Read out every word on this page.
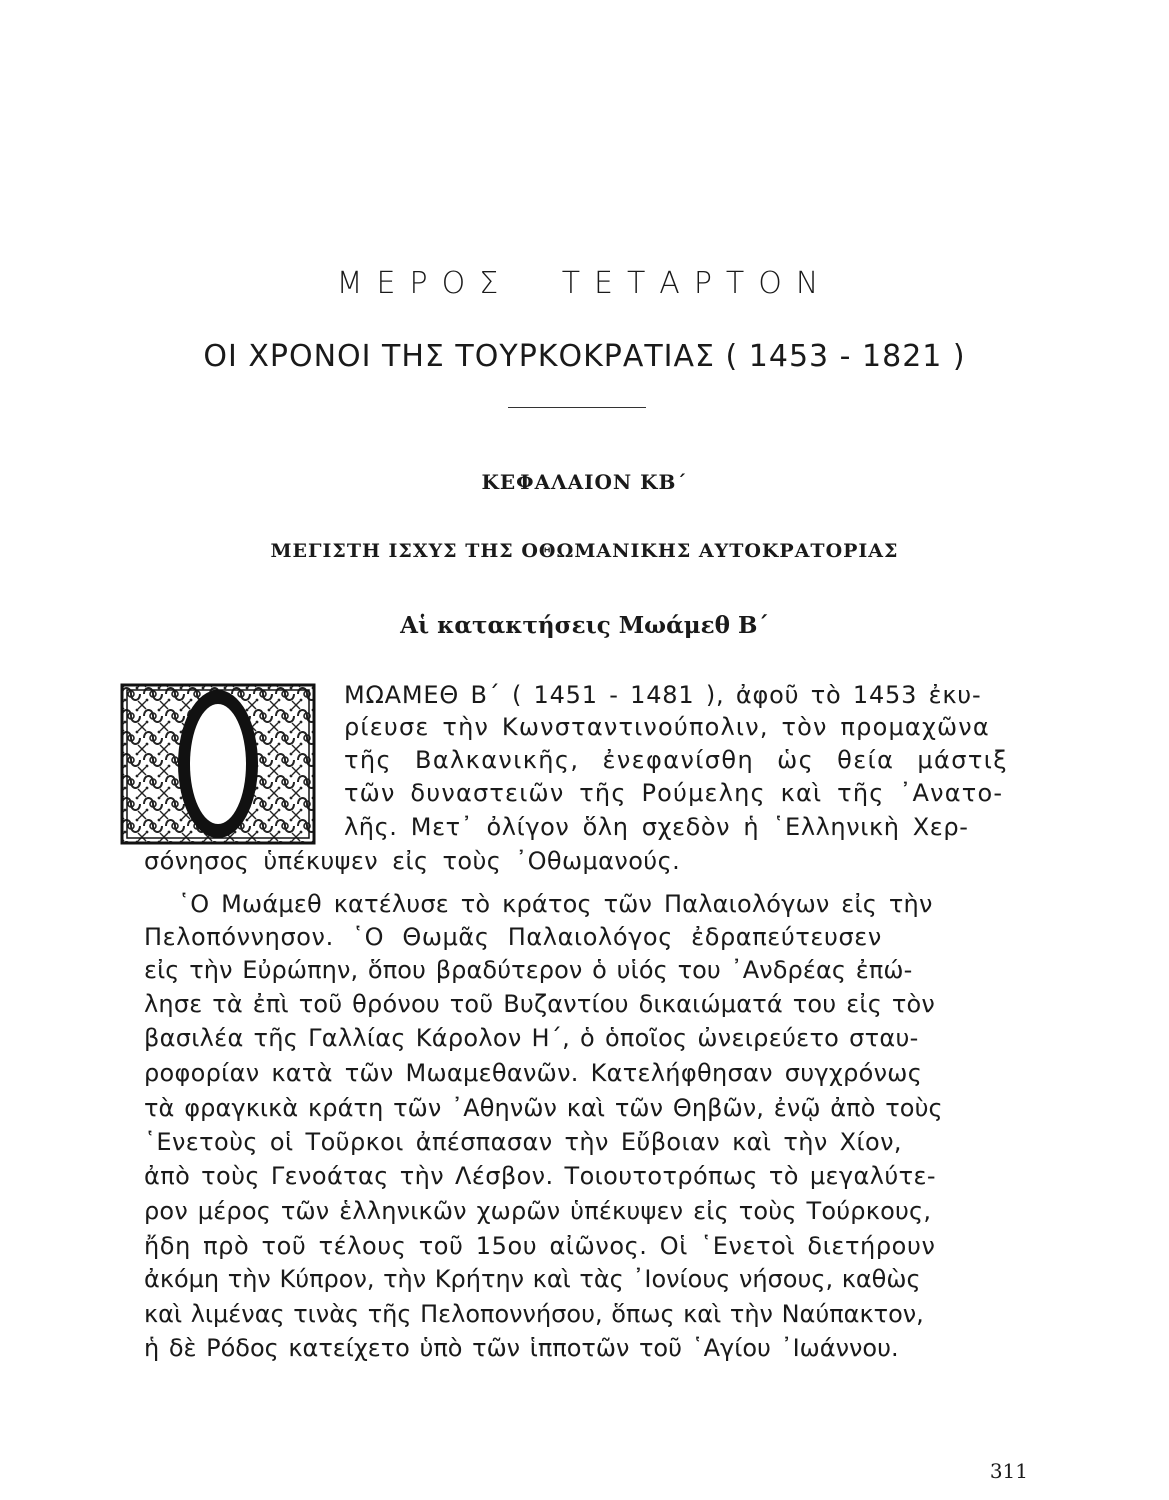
ΜΕΡΟΣ ΤΕΤΑΡΤΟΝ
ΟΙ ΧΡΟΝΟΙ ΤΗΣ ΤΟΥΡΚΟΚΡΑΤΙΑΣ ( 1453 - 1821 )
ΚΕΦΑΛΑΙΟΝ ΚΒ΄
ΜΕΓΙΣΤΗ ΙΣΧΥΣ ΤΗΣ ΟΘΩΜΑΝΙΚΗΣ ΑΥΤΟΚΡΑΤΟΡΙΑΣ
Αἱ κατακτήσεις Μωάμεθ Β΄
ΜΩΑΜΕΘ Β΄ ( 1451 - 1481 ), ἀφοῦ τὸ 1453 ἐκυ-
ρίευσε τὴν Κωνσταντινούπολιν, τὸν προμαχῶνα
τῆς Βαλκανικῆς, ἐνεφανίσθη ὡς θεία μάστιξ
τῶν δυναστειῶν τῆς Ρούμελης καὶ τῆς ᾿Ανατο-
λῆς. Μετ᾿ ὀλίγον ὅλη σχεδὸν ἡ ῾Ελληνικὴ Χερ-
σόνησος ὑπέκυψεν εἰς τοὺς ᾿Οθωμανούς.
῾Ο Μωάμεθ κατέλυσε τὸ κράτος τῶν Παλαιολόγων εἰς τὴν
Πελοπόννησον. ῾Ο Θωμᾶς Παλαιολόγος ἐδραπεύτευσεν
εἰς τὴν Εὐρώπην, ὅπου βραδύτερον ὁ υἱός του ᾿Ανδρέας ἐπώ-
λησε τὰ ἐπὶ τοῦ θρόνου τοῦ Βυζαντίου δικαιώματά του εἰς τὸν
βασιλέα τῆς Γαλλίας Κάρολον Η΄, ὁ ὁποῖος ὠνειρεύετο σταυ-
ροφορίαν κατὰ τῶν Μωαμεθανῶν. Κατελήφθησαν συγχρόνως
τὰ φραγκικὰ κράτη τῶν ᾿Αθηνῶν καὶ τῶν Θηβῶν, ἐνῷ ἀπὸ τοὺς
῾Ενετοὺς οἱ Τοῦρκοι ἀπέσπασαν τὴν Εὔβοιαν καὶ τὴν Χίον,
ἀπὸ τοὺς Γενοάτας τὴν Λέσβον. Τοιουτοτρόπως τὸ μεγαλύτε-
ρον μέρος τῶν ἑλληνικῶν χωρῶν ὑπέκυψεν εἰς τοὺς Τούρκους,
ἤδη πρὸ τοῦ τέλους τοῦ 15ου αἰῶνος. Οἱ ῾Ενετοὶ διετήρουν
ἀκόμη τὴν Κύπρον, τὴν Κρήτην καὶ τὰς ᾿Ιονίους νήσους, καθὼς
καὶ λιμένας τινὰς τῆς Πελοποννήσου, ὅπως καὶ τὴν Ναύπακτον,
ἡ δὲ Ρόδος κατείχετο ὑπὸ τῶν ἱπποτῶν τοῦ ῾Αγίου ᾿Ιωάννου.
311
